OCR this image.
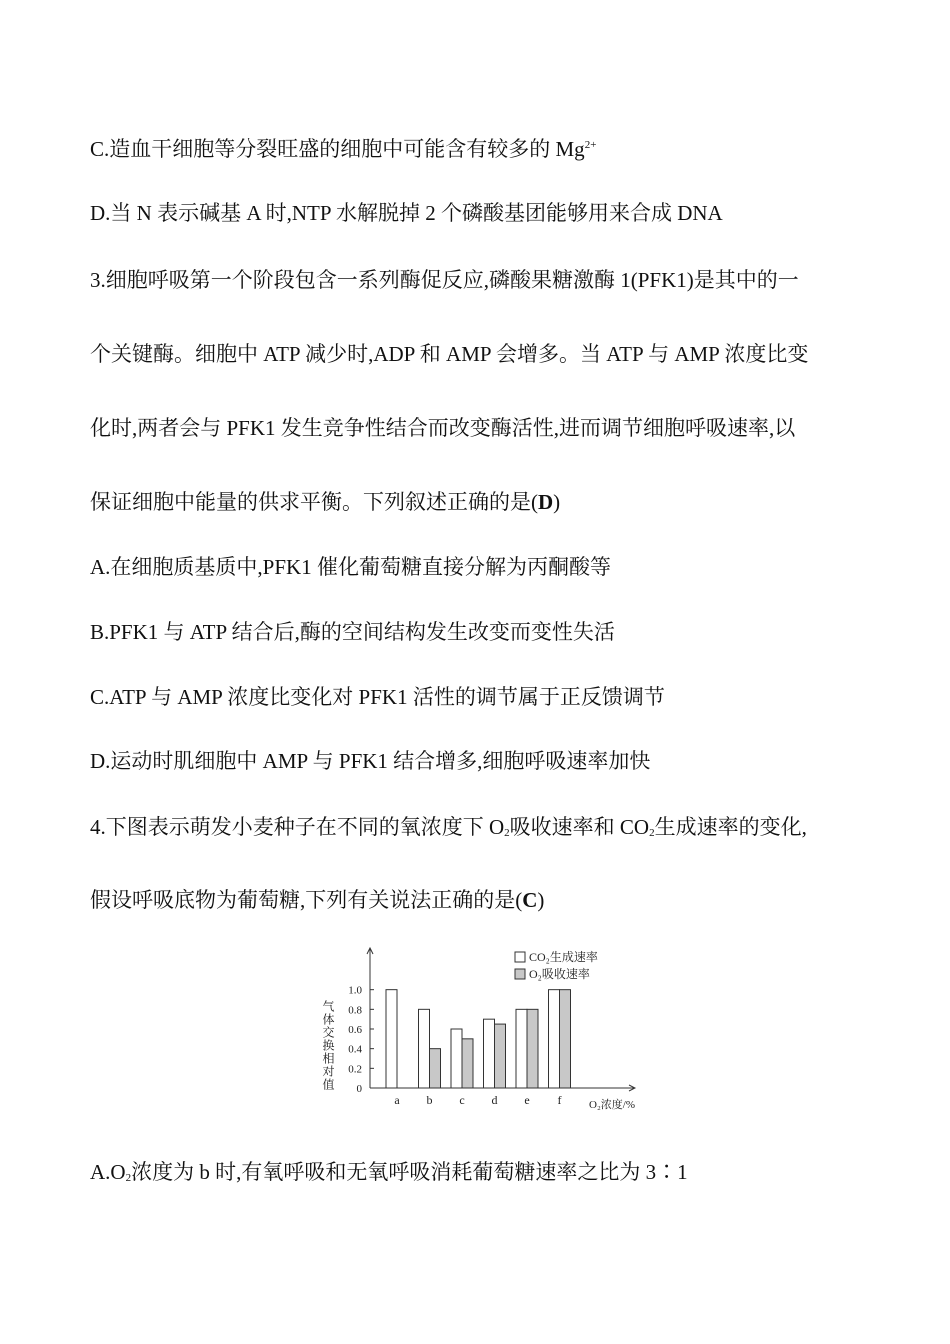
C.造血干细胞等分裂旺盛的细胞中可能含有较多的 $Mg^{2+}$
D.当 N 表示碱基 A 时,NTP 水解脱掉 2 个磷酸基团能够用来合成 DNA
3.细胞呼吸第一个阶段包含一系列酶促反应,磷酸果糖激酶 1(PFK1)是其中的一
个关键酶。细胞中 ATP 减少时,ADP 和 AMP 会增多。当 ATP 与 AMP 浓度比变
化时,两者会与 PFK1 发生竞争性结合而改变酶活性,进而调节细胞呼吸速率,以
保证细胞中能量的供求平衡。下列叙述正确的是(D)
A.在细胞质基质中,PFK1 催化葡萄糖直接分解为丙酮酸等
B.PFK1 与 ATP 结合后,酶的空间结构发生改变而变性失活
C.ATP 与 AMP 浓度比变化对 PFK1 活性的调节属于正反馈调节
D.运动时肌细胞中 AMP 与 PFK1 结合增多,细胞呼吸速率加快
4.下图表示萌发小麦种子在不同的氧浓度下 $O_2$吸收速率和 $CO_2$生成速率的变化,
假设呼吸底物为葡萄糖,下列有关说法正确的是(C)
0
0.2
0.4
0.6
0.8
1.0
气体交换相对值
a b c d e f	O₂浓度/%
CO₂生成速率
O₂吸收速率
$A.O_2$浓度为 b 时,有氧呼吸和无氧呼吸消耗葡萄糖速率之比为 3∶1
